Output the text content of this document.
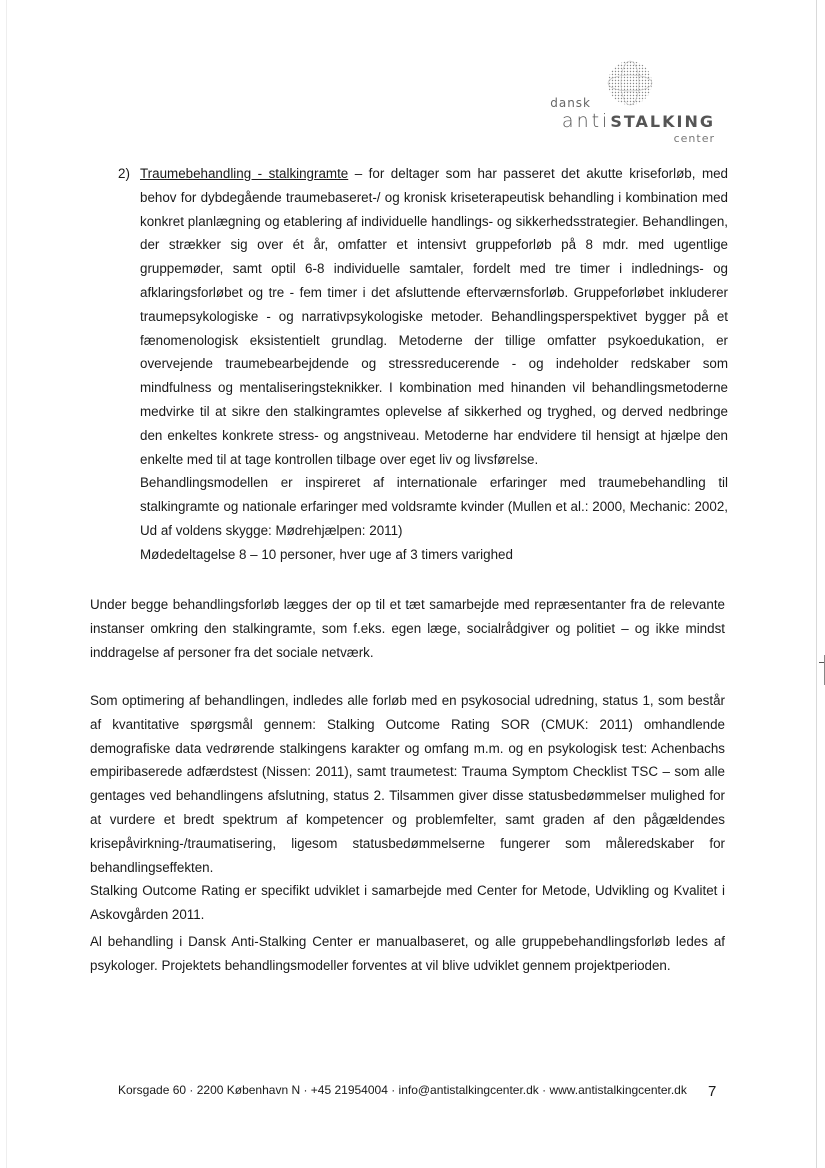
dansk
antiSTALKING
center
2) Traumebehandling - stalkingramte – for deltager som har passeret det akutte kriseforløb, med behov for dybdegående traumebaseret-/ og kronisk kriseterapeutisk behandling i kombination med konkret planlægning og etablering af individuelle handlings- og sikkerhedsstrategier. Behandlingen, der strækker sig over ét år, omfatter et intensivt gruppeforløb på 8 mdr. med ugentlige gruppemøder, samt optil 6-8 individuelle samtaler, fordelt med tre timer i indlednings- og afklaringsforløbet og tre - fem timer i det afsluttende efterværnsforløb. Gruppeforløbet inkluderer traumepsykologiske - og narrativpsykologiske metoder. Behandlingsperspektivet bygger på et fænomenologisk eksistentielt grundlag. Metoderne der tillige omfatter psykoedukation, er overvejende traumebearbejdende og stressreducerende - og indeholder redskaber som mindfulness og mentaliseringsteknikker. I kombination med hinanden vil behandlingsmetoderne medvirke til at sikre den stalkingramtes oplevelse af sikkerhed og tryghed, og derved nedbringe den enkeltes konkrete stress- og angstniveau. Metoderne har endvidere til hensigt at hjælpe den enkelte med til at tage kontrollen tilbage over eget liv og livsførelse.

Behandlingsmodellen er inspireret af internationale erfaringer med traumebehandling til stalkingramte og nationale erfaringer med voldsramte kvinder (Mullen et al.: 2000, Mechanic: 2002, Ud af voldens skygge: Mødrehjælpen: 2011)

Mødedeltagelse 8 – 10 personer, hver uge af 3 timers varighed

Under begge behandlingsforløb lægges der op til et tæt samarbejde med repræsentanter fra de relevante instanser omkring den stalkingramte, som f.eks. egen læge, socialrådgiver og politiet – og ikke mindst inddragelse af personer fra det sociale netværk.

Som optimering af behandlingen, indledes alle forløb med en psykosocial udredning, status 1, som består af kvantitative spørgsmål gennem: Stalking Outcome Rating SOR (CMUK: 2011) omhandlende demografiske data vedrørende stalkingens karakter og omfang m.m. og en psykologisk test: Achenbachs empiribaserede adfærdstest (Nissen: 2011), samt traumetest: Trauma Symptom Checklist TSC – som alle gentages ved behandlingens afslutning, status 2. Tilsammen giver disse statusbedømmelser mulighed for at vurdere et bredt spektrum af kompetencer og problemfelter, samt graden af den pågældendes krisepåvirkning-/traumatisering, ligesom statusbedømmelserne fungerer som måleredskaber for behandlingseffekten.

Stalking Outcome Rating er specifikt udviklet i samarbejde med Center for Metode, Udvikling og Kvalitet i Askovgården 2011.

Al behandling i Dansk Anti-Stalking Center er manualbaseret, og alle gruppebehandlingsforløb ledes af psykologer. Projektets behandlingsmodeller forventes at vil blive udviklet gennem projektperioden.

Korsgade 60 · 2200 København N · +45 21954004 · info@antistalkingcenter.dk · www.antistalkingcenter.dk	7
